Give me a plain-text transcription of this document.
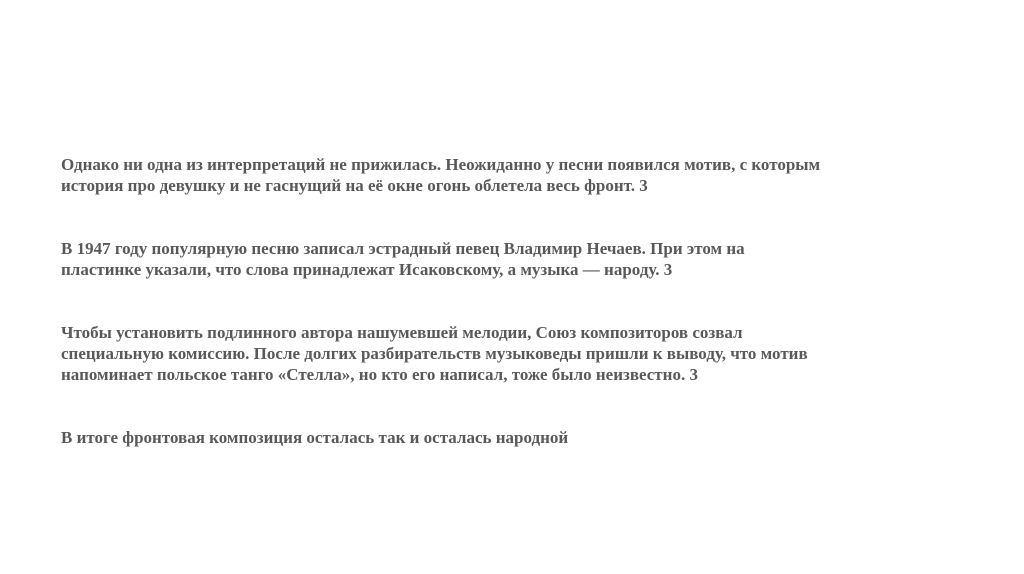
Однако ни одна из интерпретаций не прижилась. Неожиданно у песни появился мотив, с которым
история про девушку и не гаснущий на её окне огонь облетела весь фронт. 3

В 1947 году популярную песню записал эстрадный певец Владимир Нечаев. При этом на
пластинке указали, что слова принадлежат Исаковскому, а музыка — народу. 3

Чтобы установить подлинного автора нашумевшей мелодии, Союз композиторов созвал
специальную комиссию. После долгих разбирательств музыковеды пришли к выводу, что мотив
напоминает польское танго «Стелла», но кто его написал, тоже было неизвестно. 3

В итоге фронтовая композиция осталась так и осталась народной
